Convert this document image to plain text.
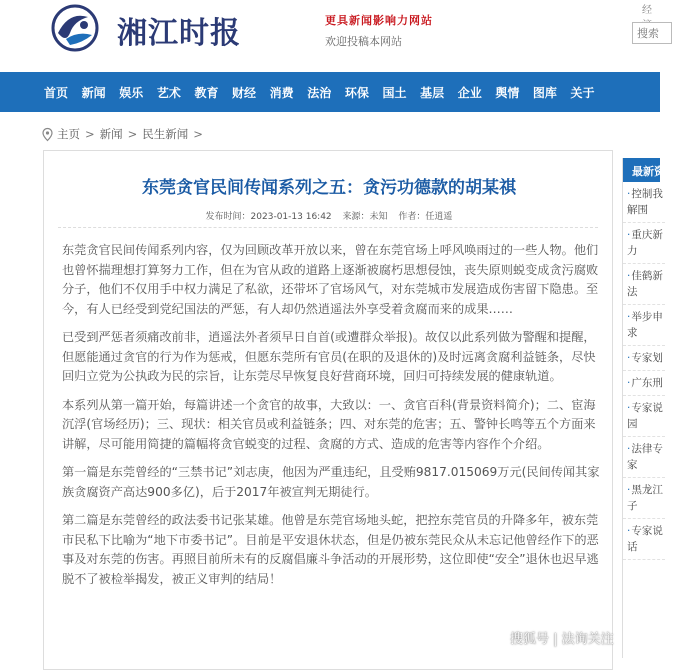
湘江时报	更具新闻影响力网站
欢迎投稿本网站
经
搜索
首页 新闻 娱乐 艺术 教育 财经 消费 法治 环保 国土 基层 企业 舆情 图库 关于
主页 > 新闻 > 民生新闻 >
东莞贪官民间传闻系列之五：贪污功德款的胡某祺
发布时间：2023-01-13 16:42 来源：未知 作者：任逍遥

东莞贪官民间传闻系列内容，仅为回顾改革开放以来，曾在东莞官场上呼风唤雨过的一些人物。他们也曾怀揣理想打算努力工作，但在为官从政的道路上逐渐被腐朽思想侵蚀，丧失原则蜕变成贪污腐败分子，他们不仅用手中权力满足了私欲，还带坏了官场风气，对东莞城市发展造成伤害留下隐患。至今，有人已经受到党纪国法的严惩，有人却仍然逍遥法外享受着贪腐而来的成果……

已受到严惩者须痛改前非，逍遥法外者须早日自首(或遭群众举报)。故仅以此系列做为警醒和提醒，但愿能通过贪官的行为作为惩戒，但愿东莞所有官员(在职的及退休的)及时远离贪腐利益链条，尽快回归立党为公执政为民的宗旨，让东莞尽早恢复良好营商环境，回归可持续发展的健康轨道。

本系列从第一篇开始，每篇讲述一个贪官的故事，大致以：一、贪官百科(背景资料简介)；二、宦海沉浮(官场经历)；三、现状：相关官员或利益链条；四、对东莞的危害；五、警钟长鸣等五个方面来讲解，尽可能用简捷的篇幅将贪官蜕变的过程、贪腐的方式、造成的危害等内容作个介绍。

第一篇是东莞曾经的“三禁书记”刘志庚，他因为严重违纪，且受贿9817.015069万元(民间传闻其家族贪腐资产高达900多亿)，后于2017年被宣判无期徒行。

第二篇是东莞曾经的政法委书记张某雄。他曾是东莞官场地头蛇，把控东莞官员的升降多年，被东莞市民私下比喻为“地下市委书记”。目前是平安退休状态，但是仍被东莞民众从未忘记他曾经作下的恶事及对东莞的伤害。再照目前所未有的反腐倡廉斗争活动的开展形势，这位即使“安全”退休也迟早逃脱不了被检举揭发，被正义审判的结局！

最新资讯
·控制我解围
·重庆新力
·佳鹤新法
·举步申求
·专家划
·广东刑
·专家说园
·法律专家
·黑龙江子
·专家说话
搜狐号 | 法询关注
